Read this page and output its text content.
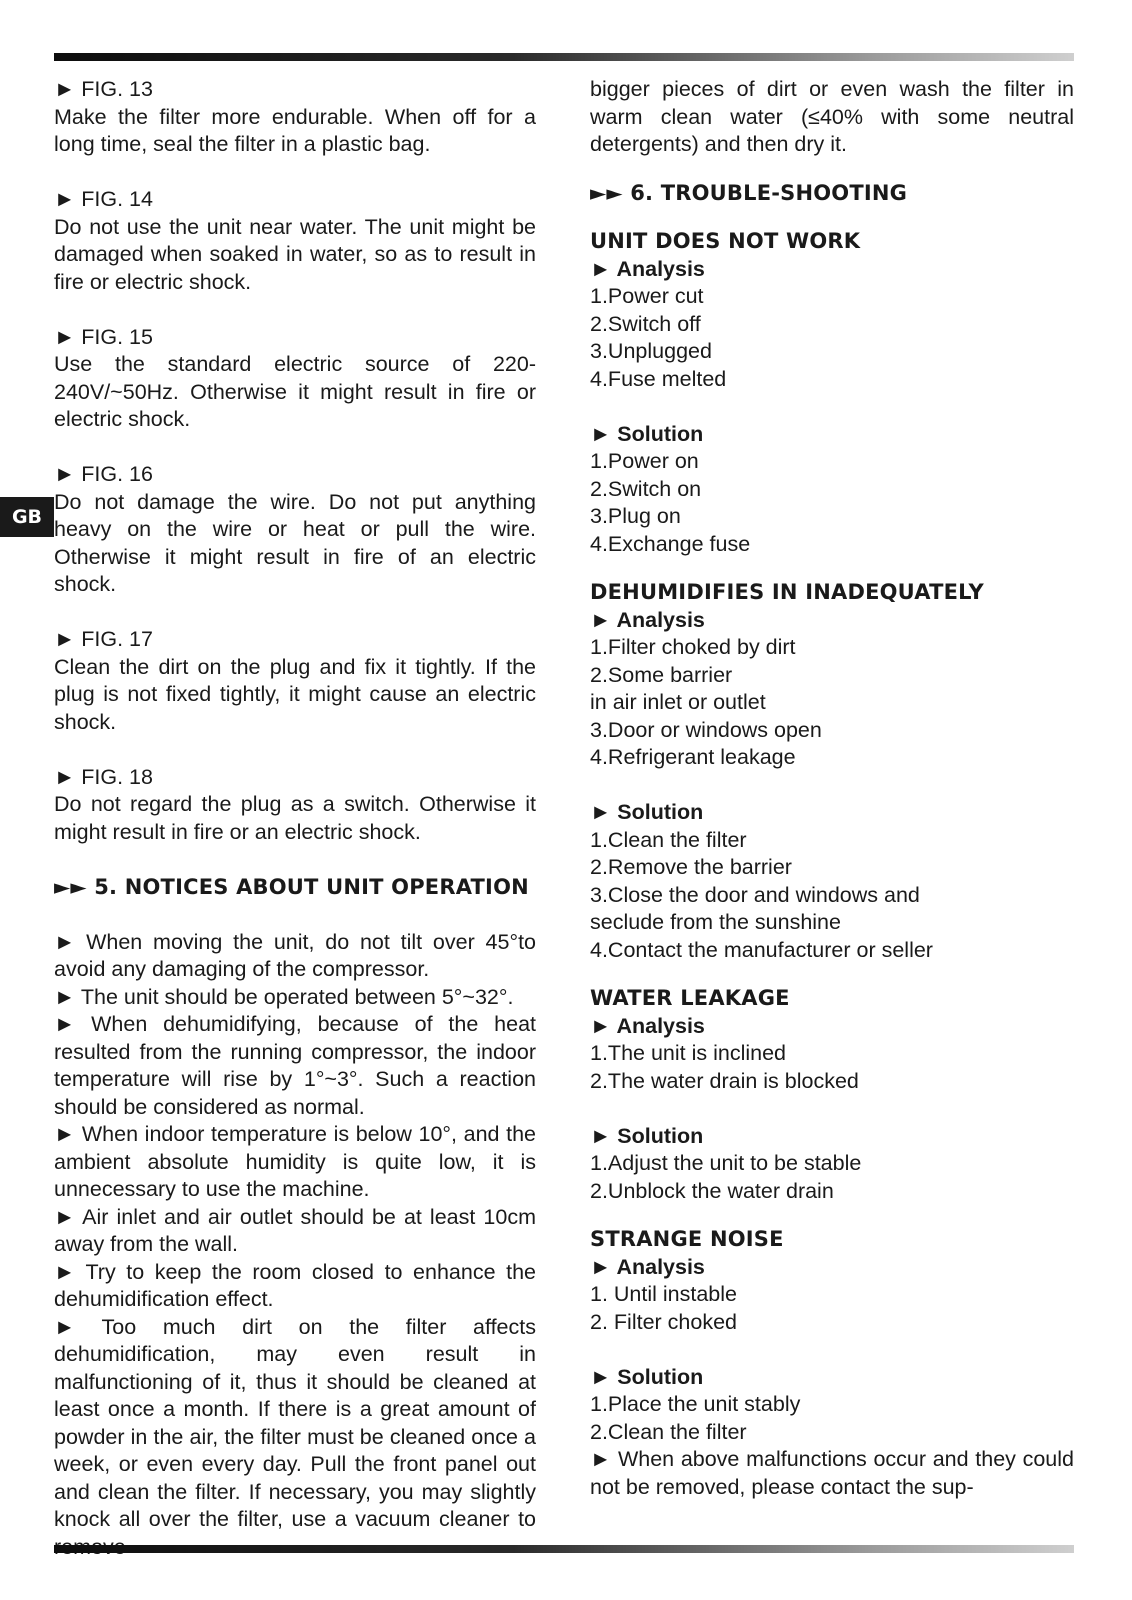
GB

► FIG. 13

Make the filter more endurable. When off for a long time, seal the filter in a plastic bag.

► FIG. 14

Do not use the unit near water. The unit might be damaged when soaked in water, so as to result in fire or electric shock.

► FIG. 15

Use the standard electric source of 220-240V/~50Hz. Otherwise it might result in fire or electric shock.

► FIG. 16

Do not damage the wire. Do not put anything heavy on the wire or heat or pull the wire. Otherwise it might result in fire of an electric shock.

► FIG. 17

Clean the dirt on the plug and fix it tightly. If the plug is not fixed tightly, it might cause an electric shock.

► FIG. 18

Do not regard the plug as a switch. Otherwise it might result in fire or an electric shock.

►► 5. NOTICES ABOUT UNIT OPERATION

► When moving the unit, do not tilt over 45°to avoid any damaging of the compressor.

► The unit should be operated between 5°~32°.

► When dehumidifying, because of the heat resulted from the running compressor, the indoor temperature will rise by 1°~3°. Such a reaction should be considered as normal.

► When indoor temperature is below 10°, and the ambient absolute humidity is quite low, it is unnecessary to use the machine.

► Air inlet and air outlet should be at least 10cm away from the wall.

► Try to keep the room closed to enhance the dehumidification effect.

► Too much dirt on the filter affects dehumidification, may even result in malfunctioning of it, thus it should be cleaned at least once a month. If there is a great amount of powder in the air, the filter must be cleaned once a week, or even every day. Pull the front panel out and clean the filter. If necessary, you may slightly knock all over the filter, use a vacuum cleaner to

bigger pieces of dirt or even wash the filter in warm clean water (≤40% with some neutral detergents) and then dry it.

►► 6. TROUBLE-SHOOTING

UNIT DOES NOT WORK

► Analysis

1.Power cut

2.Switch off

3.Unplugged

4.Fuse melted

► Solution

1.Power on

2.Switch on

3.Plug on

4.Exchange fuse

DEHUMIDIFIES IN INADEQUATELY

► Analysis

1.Filter choked by dirt

2.Some barrier

in air inlet or outlet

3.Door or windows open

4.Refrigerant leakage

► Solution

1.Clean the filter

2.Remove the barrier

3.Close the door and windows and

seclude from the sunshine

4.Contact the manufacturer or seller

WATER LEAKAGE

► Analysis

1.The unit is inclined

2.The water drain is blocked

► Solution

1.Adjust the unit to be stable

2.Unblock the water drain

STRANGE NOISE

► Analysis

1. Until instable

2. Filter choked

► Solution

1.Place the unit stably

2.Clean the filter

► When above malfunctions occur and they could not be removed, please contact the sup-
